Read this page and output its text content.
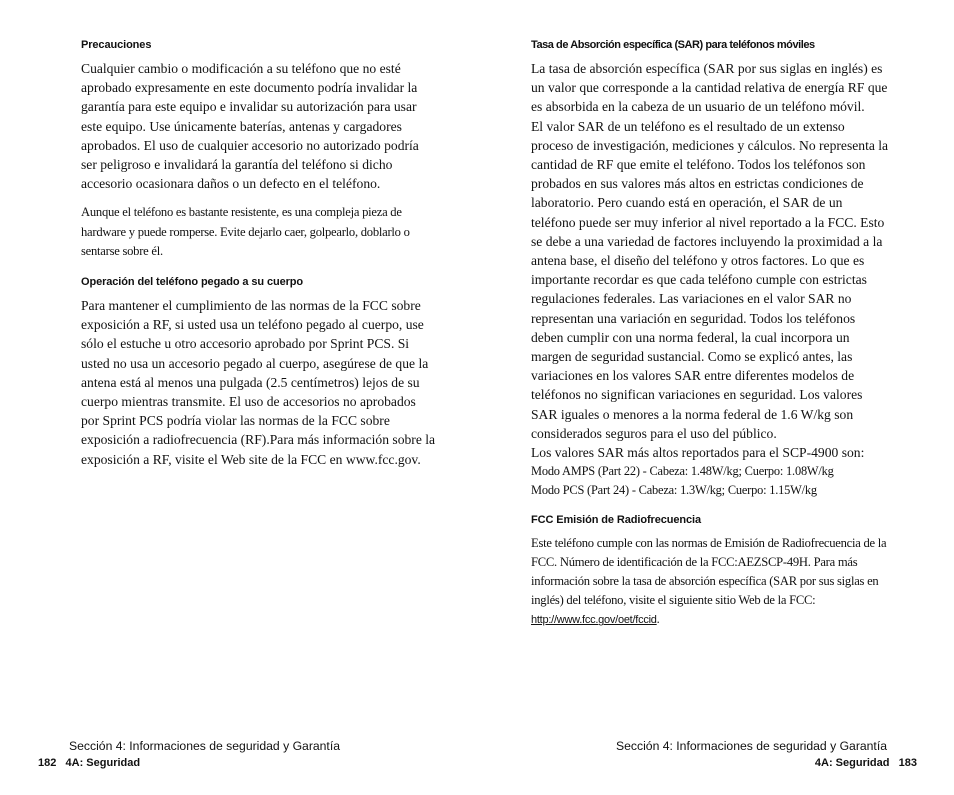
Precauciones

Cualquier cambio o modificación a su teléfono que no esté aprobado expresamente en este documento podría invalidar la garantía para este equipo e invalidar su autorización para usar este equipo. Use únicamente baterías, antenas y cargadores aprobados. El uso de cualquier accesorio no autorizado podría ser peligroso e invalidará la garantía del teléfono si dicho accesorio ocasionara daños o un defecto en el teléfono.

Aunque el teléfono es bastante resistente, es una compleja pieza de hardware y puede romperse. Evite dejarlo caer, golpearlo, doblarlo o sentarse sobre él.

Operación del teléfono pegado a su cuerpo

Para mantener el cumplimiento de las normas de la FCC sobre exposición a RF, si usted usa un teléfono pegado al cuerpo, use sólo el estuche u otro accesorio aprobado por Sprint PCS. Si usted no usa un accesorio pegado al cuerpo, asegúrese de que la antena está al menos una pulgada (2.5 centímetros) lejos de su cuerpo mientras transmite. El uso de accesorios no aprobados por Sprint PCS podría violar las normas de la FCC sobre exposición a radiofrecuencia (RF).Para más información sobre la exposición a RF, visite el Web site de la FCC en www.fcc.gov.

Tasa de Absorción específica (SAR) para teléfonos móviles

La tasa de absorción específica (SAR por sus siglas en inglés) es un valor que corresponde a la cantidad relativa de energía RF que es absorbida en la cabeza de un usuario de un teléfono móvil.

El valor SAR de un teléfono es el resultado de un extenso proceso de investigación, mediciones y cálculos. No representa la cantidad de RF que emite el teléfono. Todos los teléfonos son probados en sus valores más altos en estrictas condiciones de laboratorio. Pero cuando está en operación, el SAR de un teléfono puede ser muy inferior al nivel reportado a la FCC. Esto se debe a una variedad de factores incluyendo la proximidad a la antena base, el diseño del teléfono y otros factores. Lo que es importante recordar es que cada teléfono cumple con estrictas regulaciones federales. Las variaciones en el valor SAR no representan una variación en seguridad. Todos los teléfonos deben cumplir con una norma federal, la cual incorpora un margen de seguridad sustancial. Como se explicó antes, las variaciones en los valores SAR entre diferentes modelos de teléfonos no significan variaciones en seguridad. Los valores SAR iguales o menores a la norma federal de 1.6 W/kg son considerados seguros para el uso del público.

Los valores SAR más altos reportados para el SCP-4900 son:

Modo AMPS (Part 22) - Cabeza: 1.48W/kg; Cuerpo: 1.08W/kg
Modo PCS (Part 24) - Cabeza: 1.3W/kg; Cuerpo: 1.15W/kg
FCC Emisión de Radiofrecuencia

Este teléfono cumple con las normas de Emisión de Radiofrecuencia de la FCC. Número de identificación de la FCC:AEZSCP-49H. Para más información sobre la tasa de absorción específica (SAR por sus siglas en inglés) del teléfono, visite el siguiente sitio Web de la FCC:
http://www.fcc.gov/oet/fccid.

Sección 4: Informaciones de seguridad y Garantía
182 4A: Seguridad
Sección 4: Informaciones de seguridad y Garantía
4A: Seguridad 183
